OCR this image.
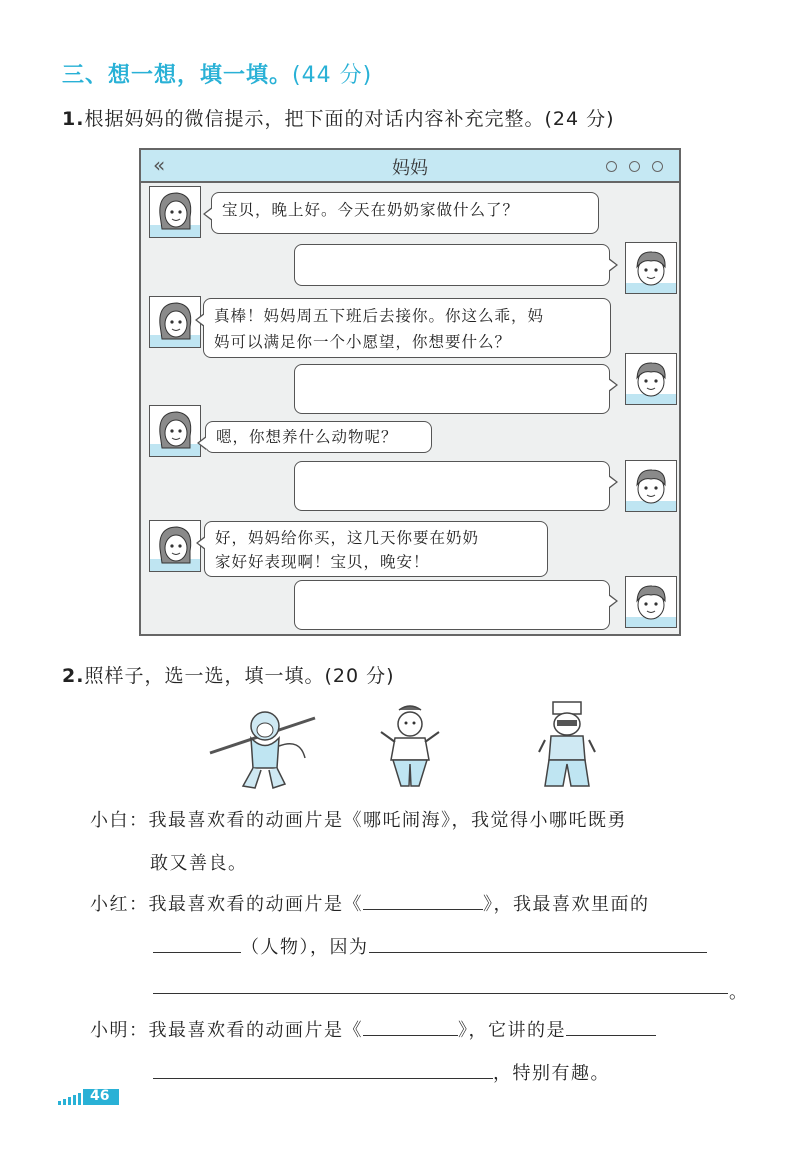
三、想一想，填一填。(44 分)
1.根据妈妈的微信提示，把下面的对话内容补充完整。(24 分)
«	妈妈
宝贝，晚上好。今天在奶奶家做什么了？
真棒！妈妈周五下班后去接你。你这么乖，妈
妈可以满足你一个小愿望，你想要什么？
嗯，你想养什么动物呢？
好，妈妈给你买，这几天你要在奶奶
家好好表现啊！宝贝，晚安！
2.照样子，选一选，填一填。(20 分)
小白：我最喜欢看的动画片是《哪吒闹海》，我觉得小哪吒既勇
敢又善良。
小红：我最喜欢看的动画片是《	》，我最喜欢里面的
（人物），因为
。
小明：我最喜欢看的动画片是《	》，它讲的是
，特别有趣。
46
